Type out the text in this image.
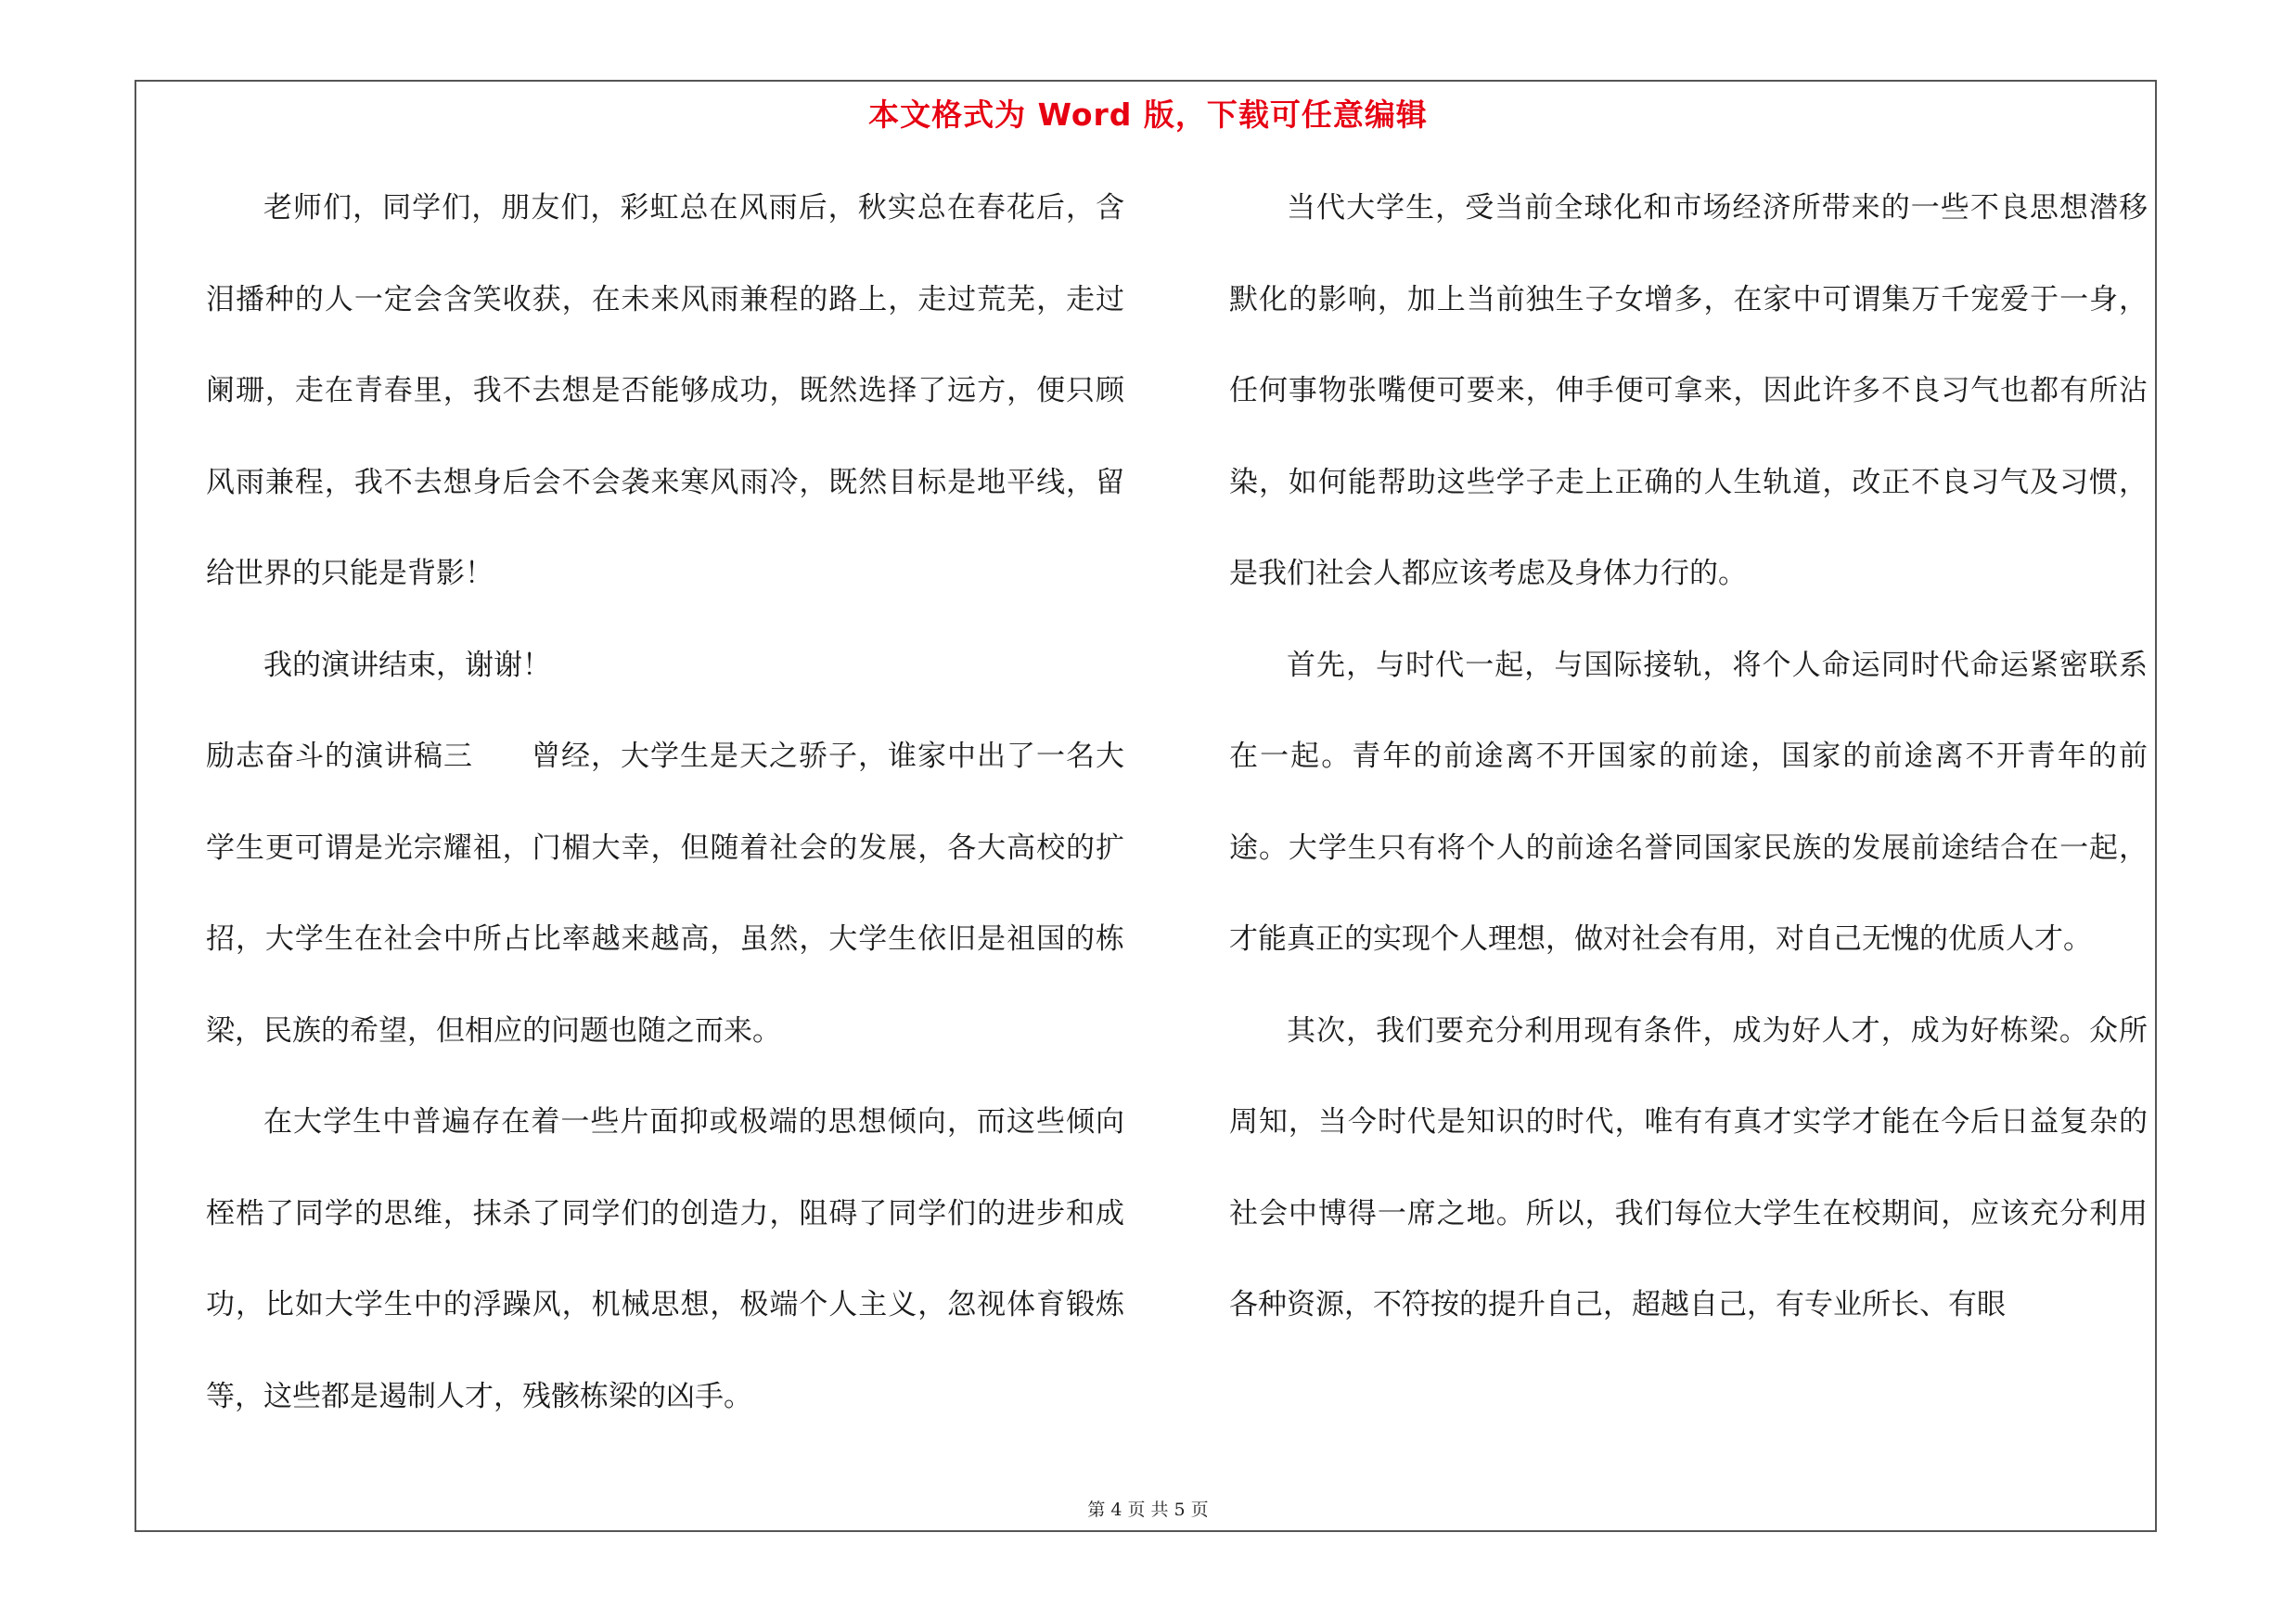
本文格式为 Word 版，下载可任意编辑

老师们，同学们，朋友们，彩虹总在风雨后，秋实总在春花后，含泪播种的人一定会含笑收获，在未来风雨兼程的路上，走过荒芜，走过阑珊，走在青春里，我不去想是否能够成功，既然选择了远方，便只顾风雨兼程，我不去想身后会不会袭来寒风雨冷，既然目标是地平线，留给世界的只能是背影！

我的演讲结束，谢谢！

励志奋斗的演讲稿三 曾经，大学生是天之骄子，谁家中出了一名大学生更可谓是光宗耀祖，门楣大幸，但随着社会的发展，各大高校的扩招，大学生在社会中所占比率越来越高，虽然，大学生依旧是祖国的栋梁，民族的希望，但相应的问题也随之而来。

在大学生中普遍存在着一些片面抑或极端的思想倾向，而这些倾向桎梏了同学的思维，抹杀了同学们的创造力，阻碍了同学们的进步和成功，比如大学生中的浮躁风，机械思想，极端个人主义，忽视体育锻炼等，这些都是遏制人才，残骸栋梁的凶手。

当代大学生，受当前全球化和市场经济所带来的一些不良思想潜移默化的影响，加上当前独生子女增多，在家中可谓集万千宠爱于一身，任何事物张嘴便可要来，伸手便可拿来，因此许多不良习气也都有所沾染，如何能帮助这些学子走上正确的人生轨道，改正不良习气及习惯，是我们社会人都应该考虑及身体力行的。

首先，与时代一起，与国际接轨，将个人命运同时代命运紧密联系在一起。青年的前途离不开国家的前途，国家的前途离不开青年的前途。大学生只有将个人的前途名誉同国家民族的发展前途结合在一起，才能真正的实现个人理想，做对社会有用，对自己无愧的优质人才。

其次，我们要充分利用现有条件，成为好人才，成为好栋梁。众所周知，当今时代是知识的时代，唯有有真才实学才能在今后日益复杂的社会中博得一席之地。所以，我们每位大学生在校期间，应该充分利用各种资源，不符按的提升自己，超越自己，有专业所长、有眼

第 4 页 共 5 页
